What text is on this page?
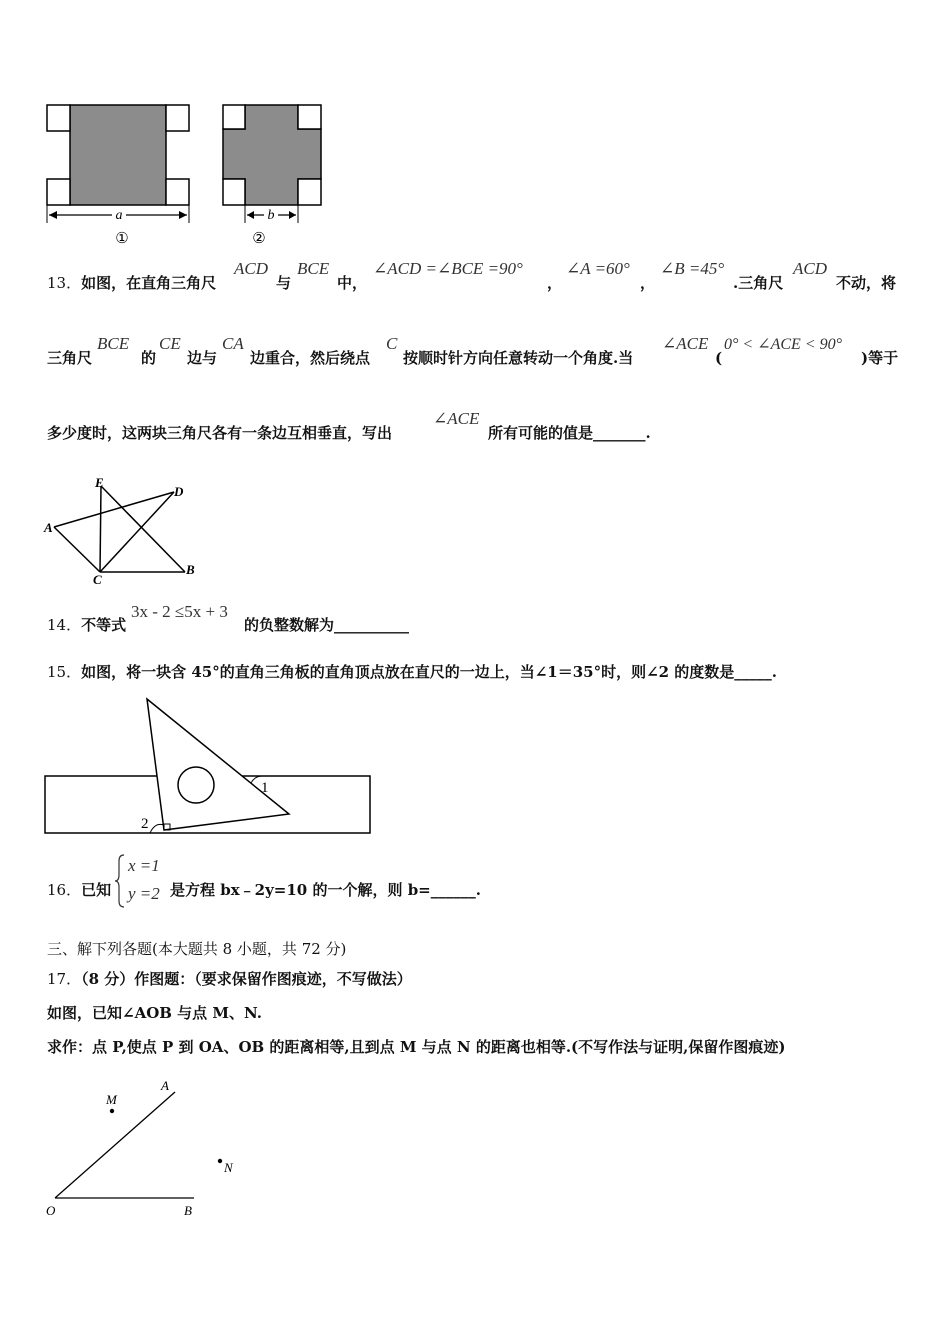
a
①
b
②
13．如图，在直角三角尺
ACD
与
BCE
中，
∠ACD =∠BCE =90°
，
∠A =60°
，
∠B =45°
.三角尺
ACD
不动，将
三角尺
BCE
的
CE
边与
CA
边重合，然后绕点
C
按顺时针方向任意转动一个角度.当
∠ACE
(
0° < ∠ACE < 90°
)等于
多少度时，这两块三角尺各有一条边互相垂直，写出
∠ACE
所有可能的值是_______.
E
D
A
C
B
14．不等式
3x - 2 ≤5x + 3
的负整数解为__________
15．如图，将一块含 45°的直角三角板的直角顶点放在直尺的一边上，当∠1＝35°时，则∠2 的度数是_____.
1
2
16．已知
x =1
y =2 是方程 bx﹣2y=10 的一个解，则 b=______.
三、解下列各题(本大题共 8 小题，共 72 分)
17．（8 分）作图题：（要求保留作图痕迹，不写做法）
如图，已知∠AOB 与点 M、N.
求作：点 P,使点 P 到 OA、OB 的距离相等,且到点 M 与点 N 的距离也相等.(不写作法与证明,保留作图痕迹)
M
A
N
O	B
